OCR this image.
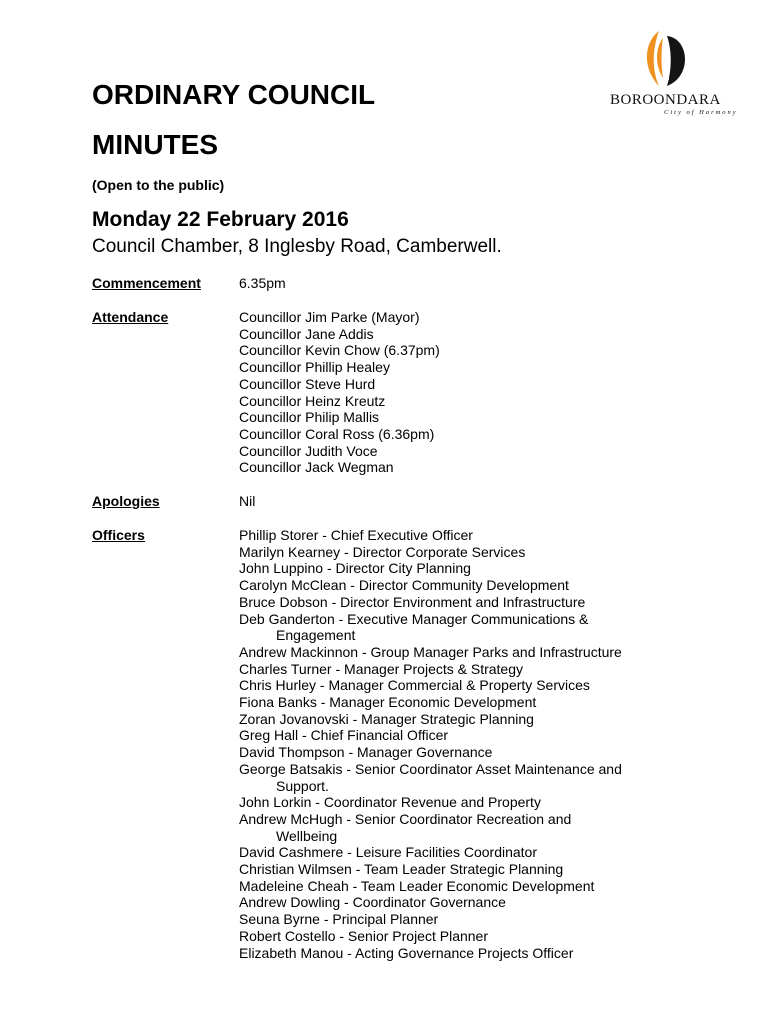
BOROONDARA
City of Harmony
ORDINARY COUNCIL
MINUTES
(Open to the public)
Monday 22 February 2016
Council Chamber, 8 Inglesby Road, Camberwell.
Commencement	6.35pm
Attendance	Councillor Jim Parke (Mayor)
Councillor Jane Addis
Councillor Kevin Chow (6.37pm)
Councillor Phillip Healey
Councillor Steve Hurd
Councillor Heinz Kreutz
Councillor Philip Mallis
Councillor Coral Ross (6.36pm)
Councillor Judith Voce
Councillor Jack Wegman
Apologies	Nil
Officers	Phillip Storer - Chief Executive Officer
Marilyn Kearney - Director Corporate Services
John Luppino - Director City Planning
Carolyn McClean - Director Community Development
Bruce Dobson - Director Environment and Infrastructure
Deb Ganderton - Executive Manager Communications &
Engagement
Andrew Mackinnon - Group Manager Parks and Infrastructure
Charles Turner - Manager Projects & Strategy
Chris Hurley - Manager Commercial & Property Services
Fiona Banks - Manager Economic Development
Zoran Jovanovski - Manager Strategic Planning
Greg Hall - Chief Financial Officer
David Thompson - Manager Governance
George Batsakis - Senior Coordinator Asset Maintenance and
Support.
John Lorkin - Coordinator Revenue and Property
Andrew McHugh - Senior Coordinator Recreation and
Wellbeing
David Cashmere - Leisure Facilities Coordinator
Christian Wilmsen - Team Leader Strategic Planning
Madeleine Cheah - Team Leader Economic Development
Andrew Dowling - Coordinator Governance
Seuna Byrne - Principal Planner
Robert Costello - Senior Project Planner
Elizabeth Manou - Acting Governance Projects Officer
